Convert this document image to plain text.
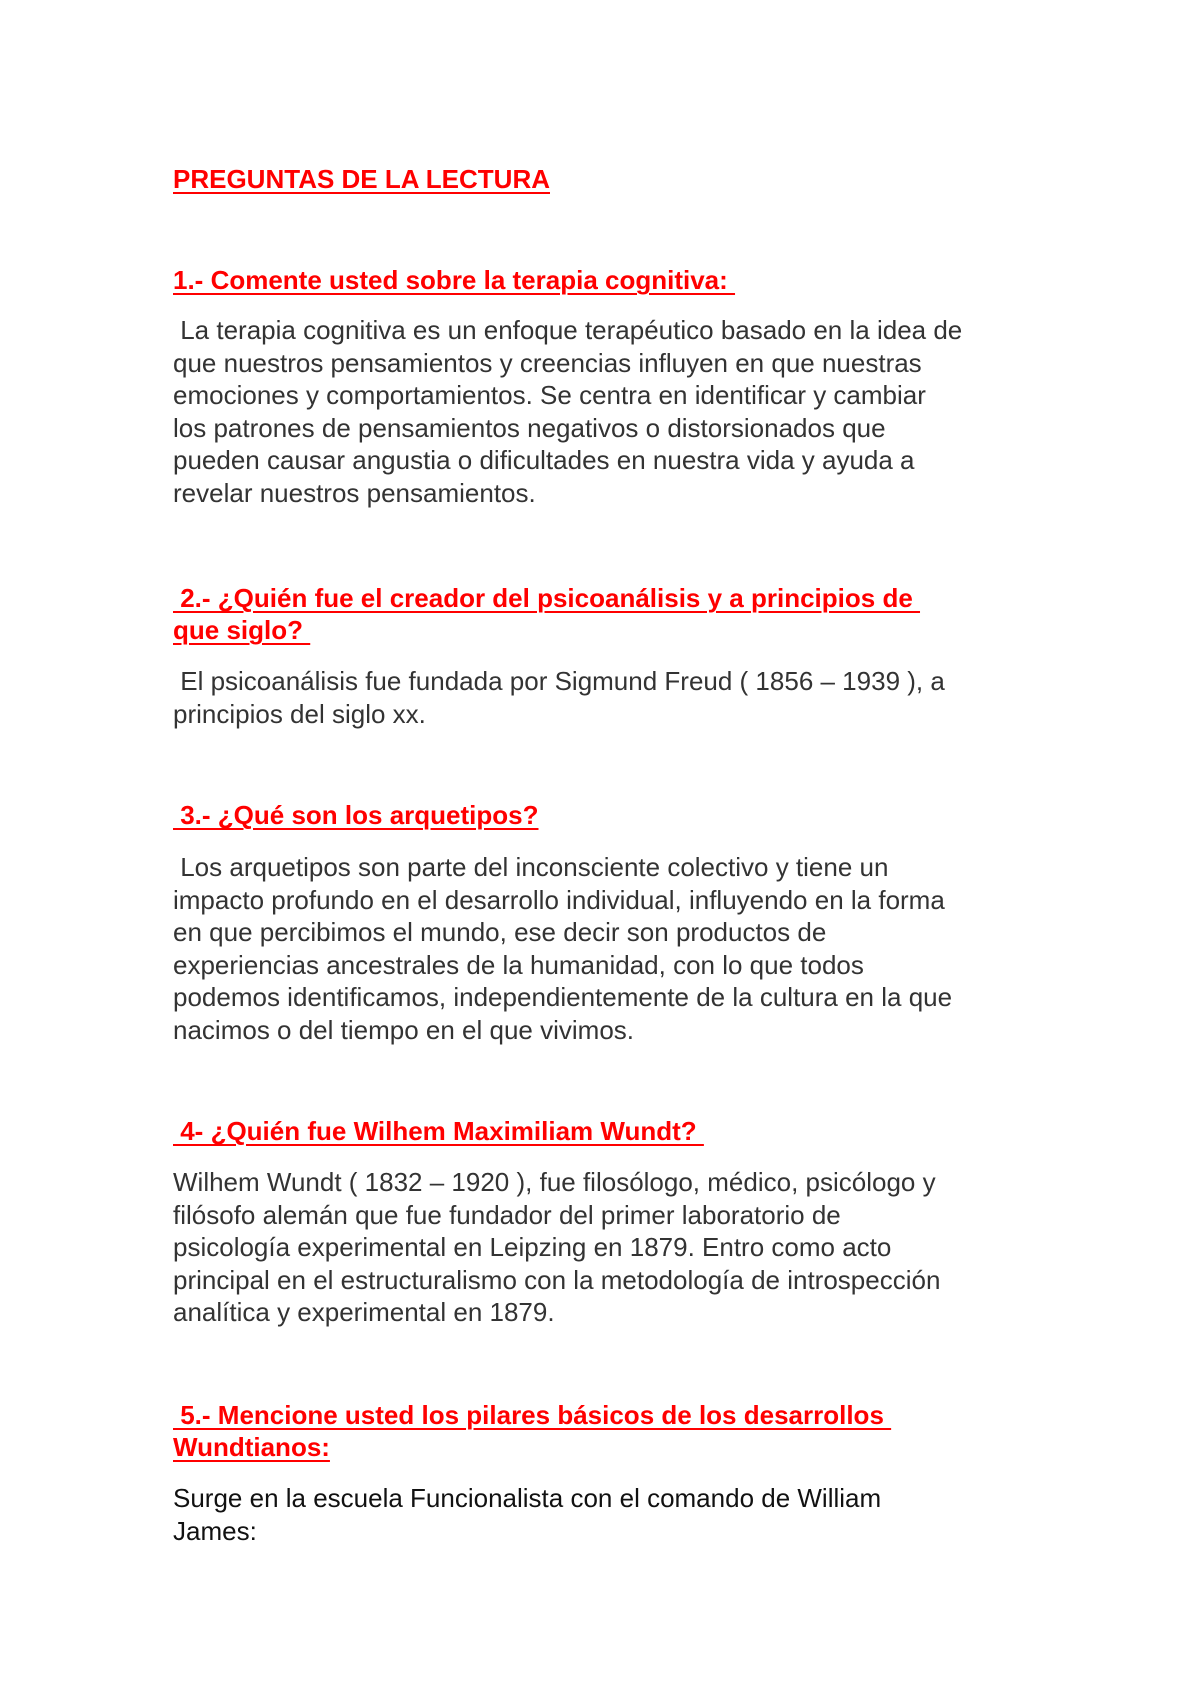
PREGUNTAS DE LA LECTURA
1.- Comente usted sobre la terapia cognitiva:

La terapia cognitiva es un enfoque terapéutico basado en la idea de
que nuestros pensamientos y creencias influyen en que nuestras
emociones y comportamientos. Se centra en identificar y cambiar
los patrones de pensamientos negativos o distorsionados que
pueden causar angustia o dificultades en nuestra vida y ayuda a
revelar nuestros pensamientos.

2.- ¿Quién fue el creador del psicoanálisis y a principios de
que siglo?

El psicoanálisis fue fundada por Sigmund Freud ( 1856 – 1939 ), a
principios del siglo xx.

3.- ¿Qué son los arquetipos?

Los arquetipos son parte del inconsciente colectivo y tiene un
impacto profundo en el desarrollo individual, influyendo en la forma
en que percibimos el mundo, ese decir son productos de
experiencias ancestrales de la humanidad, con lo que todos
podemos identificamos, independientemente de la cultura en la que
nacimos o del tiempo en el que vivimos.

4- ¿Quién fue Wilhem Maximiliam Wundt?

Wilhem Wundt ( 1832 – 1920 ), fue filosólogo, médico, psicólogo y
filósofo alemán que fue fundador del primer laboratorio de
psicología experimental en Leipzing en 1879. Entro como acto
principal en el estructuralismo con la metodología de introspección
analítica y experimental en 1879.

5.- Mencione usted los pilares básicos de los desarrollos
Wundtianos:

Surge en la escuela Funcionalista con el comando de William
James:
